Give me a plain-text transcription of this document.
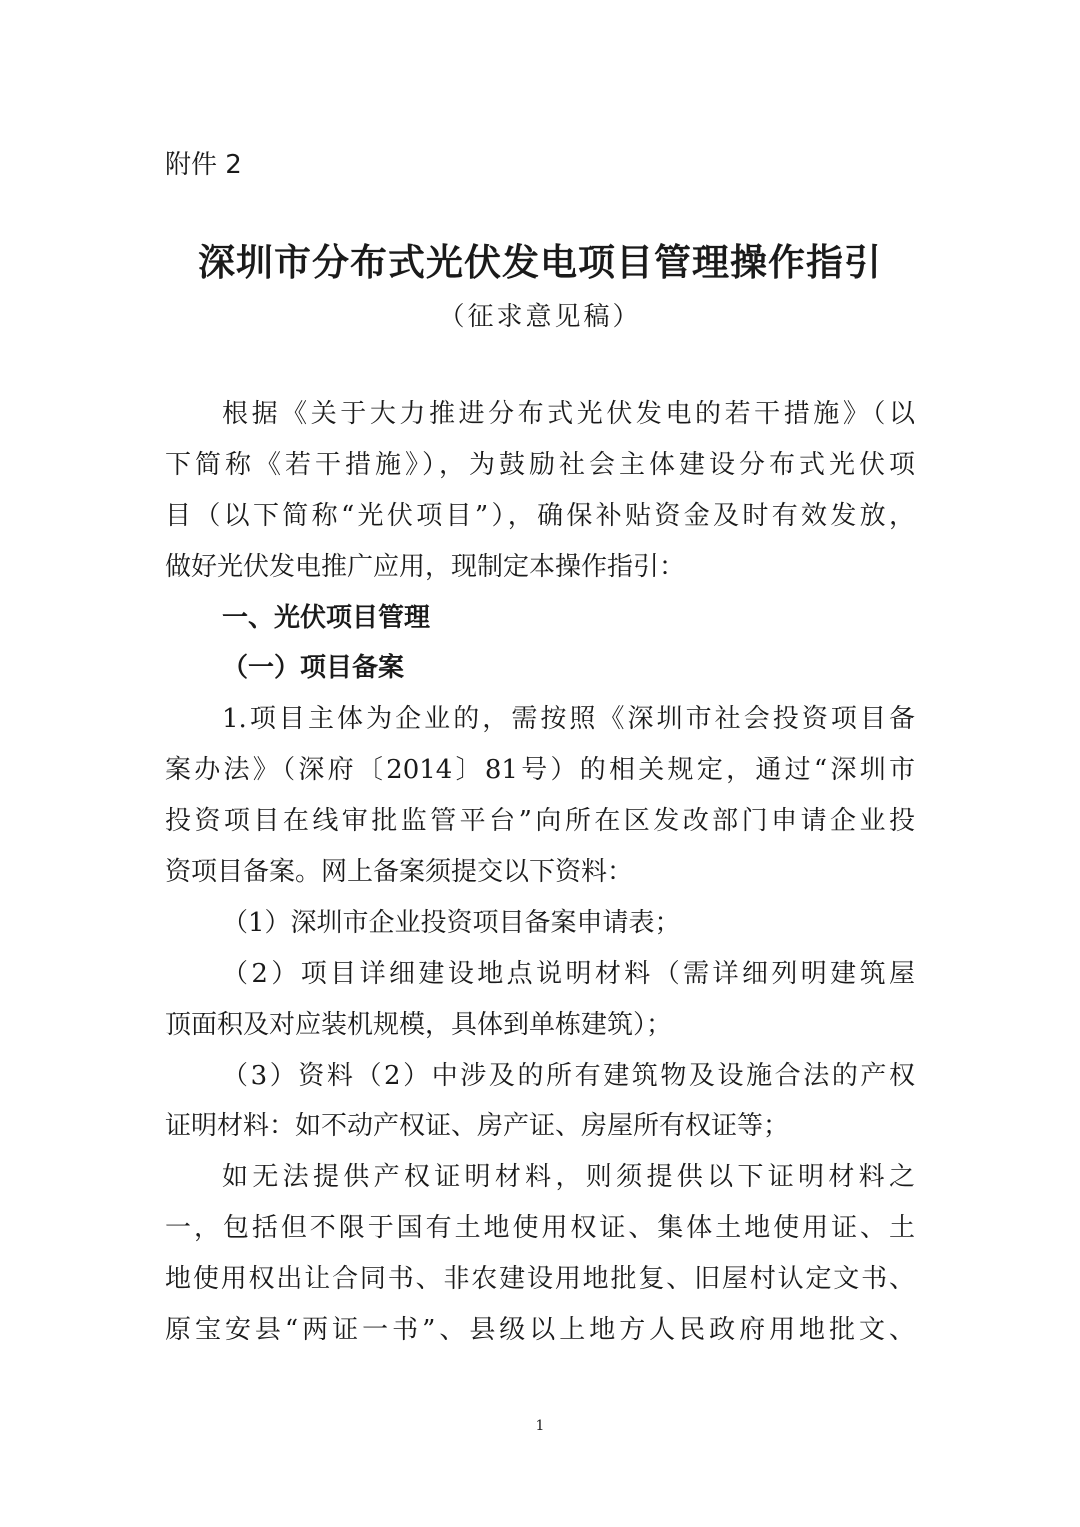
附件 2
深圳市分布式光伏发电项目管理操作指引
（征求意见稿）
根据《关于大力推进分布式光伏发电的若干措施》（以
下简称《若干措施》），为鼓励社会主体建设分布式光伏项
目（以下简称“光伏项目”），确保补贴资金及时有效发放，
做好光伏发电推广应用，现制定本操作指引：
一、光伏项目管理
（一）项目备案
1.项目主体为企业的，需按照《深圳市社会投资项目备
案办法》（深府〔2014〕81号）的相关规定，通过“深圳市
投资项目在线审批监管平台”向所在区发改部门申请企业投
资项目备案。网上备案须提交以下资料：
（1）深圳市企业投资项目备案申请表；
（2）项目详细建设地点说明材料（需详细列明建筑屋
顶面积及对应装机规模，具体到单栋建筑）；
（3）资料（2）中涉及的所有建筑物及设施合法的产权
证明材料：如不动产权证、房产证、房屋所有权证等；
如无法提供产权证明材料，则须提供以下证明材料之
一，包括但不限于国有土地使用权证、集体土地使用证、土
地使用权出让合同书、非农建设用地批复、旧屋村认定文书、
原宝安县“两证一书”、县级以上地方人民政府用地批文、
1
